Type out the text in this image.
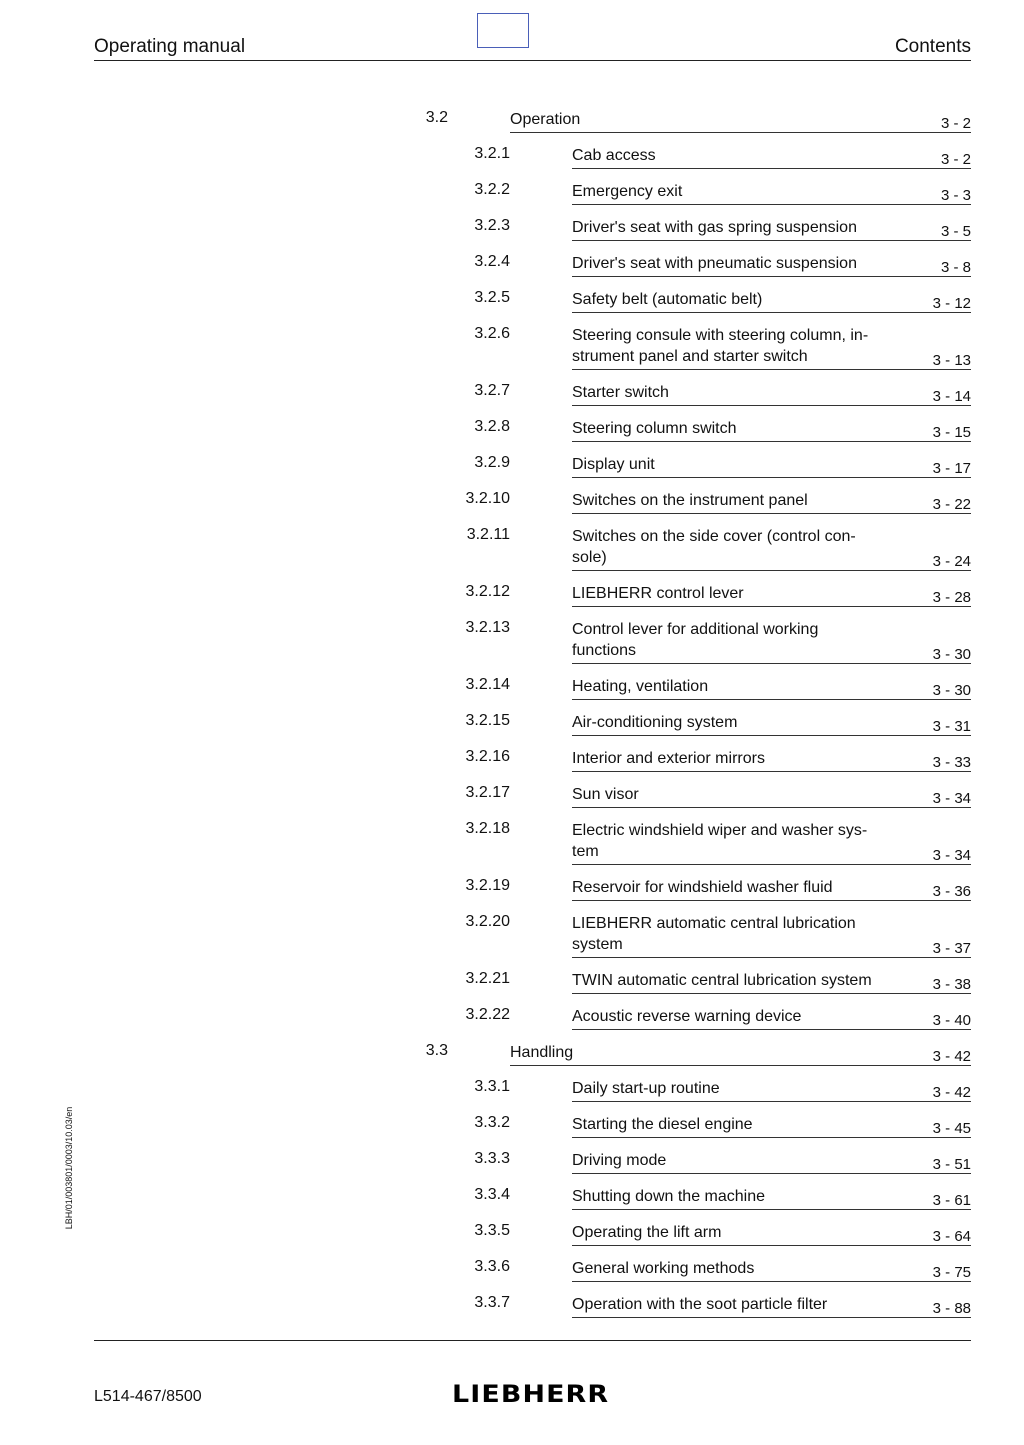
Operating manual	Contents
3.2	Operation	3 - 2
3.2.1	Cab access	3 - 2
3.2.2	Emergency exit	3 - 3
3.2.3	Driver's seat with gas spring suspension	3 - 5
3.2.4	Driver's seat with pneumatic suspension	3 - 8
3.2.5	Safety belt (automatic belt)	3 - 12
3.2.6	Steering consule with steering column, in-
strument panel and starter switch	3 - 13
3.2.7	Starter switch	3 - 14
3.2.8	Steering column switch	3 - 15
3.2.9	Display unit	3 - 17
3.2.10	Switches on the instrument panel	3 - 22
3.2.11	Switches on the side cover (control con-
sole)	3 - 24
3.2.12	LIEBHERR control lever	3 - 28
3.2.13	Control lever for additional working
functions	3 - 30
3.2.14	Heating, ventilation	3 - 30
3.2.15	Air-conditioning system	3 - 31
3.2.16	Interior and exterior mirrors	3 - 33
3.2.17	Sun visor	3 - 34
3.2.18	Electric windshield wiper and washer sys-
tem	3 - 34
3.2.19	Reservoir for windshield washer fluid	3 - 36
3.2.20	LIEBHERR automatic central lubrication
system	3 - 37
3.2.21	TWIN automatic central lubrication system	3 - 38
3.2.22	Acoustic reverse warning device	3 - 40
3.3	Handling	3 - 42
3.3.1	Daily start-up routine	3 - 42
3.3.2	Starting the diesel engine	3 - 45
3.3.3	Driving mode	3 - 51
3.3.4	Shutting down the machine	3 - 61
3.3.5	Operating the lift arm	3 - 64
3.3.6	General working methods	3 - 75
3.3.7	Operation with the soot particle filter	3 - 88
L514-467/8500	LIEBHERR
LBH/01/003801/0003/10.03/en
